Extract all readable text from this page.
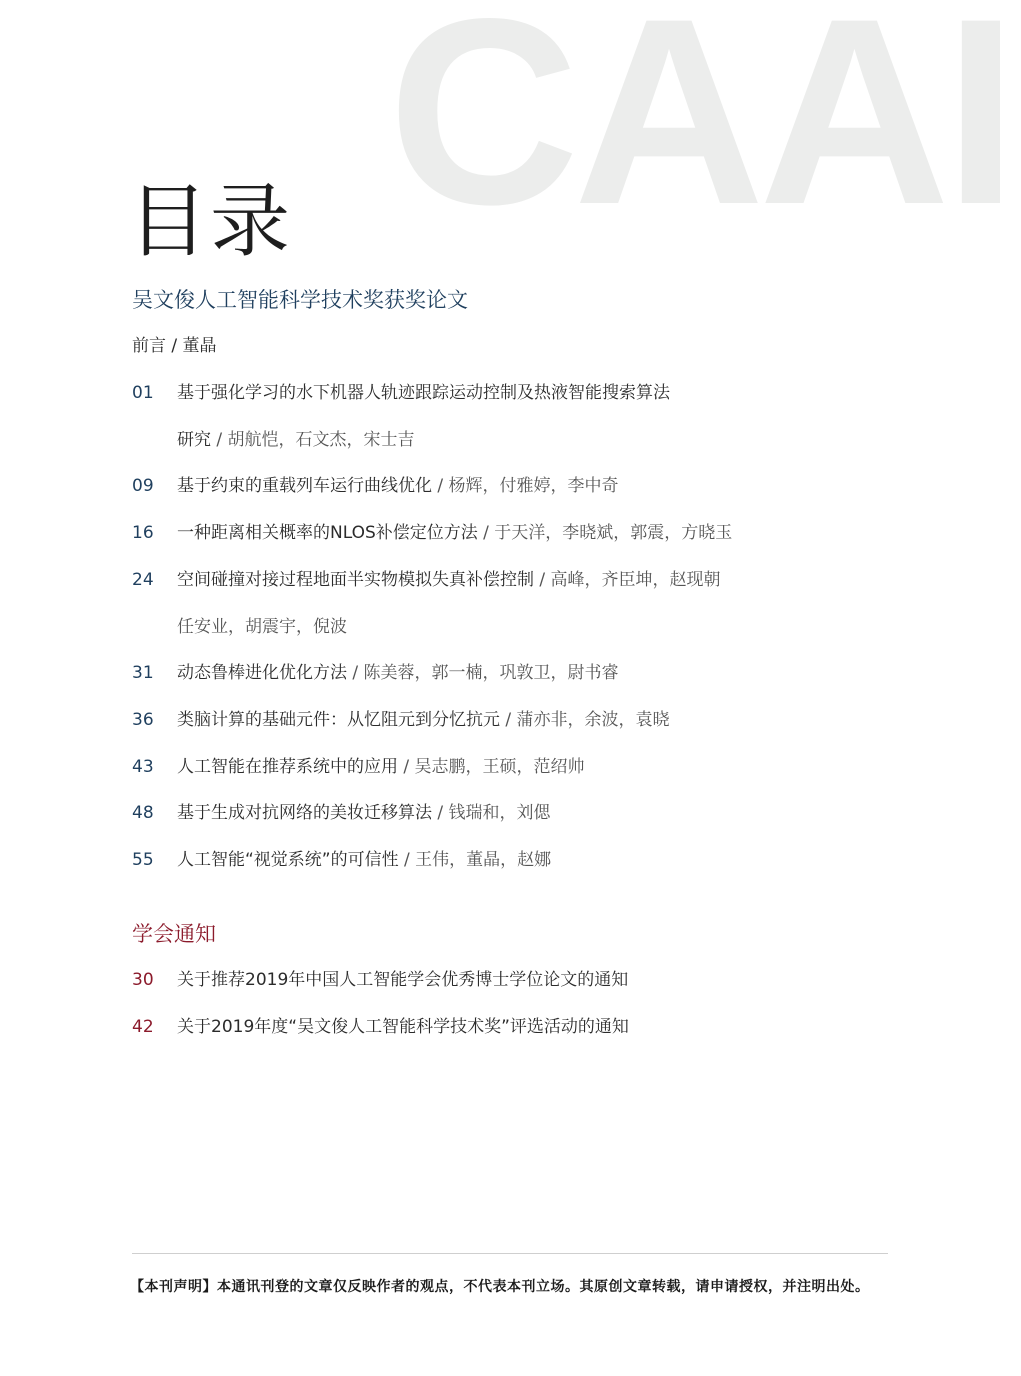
CAAI
目录
吴文俊人工智能科学技术奖获奖论文
前言 / 董晶
01 基于强化学习的水下机器人轨迹跟踪运动控制及热液智能搜索算法
研究 / 胡航恺，石文杰，宋士吉
09 基于约束的重载列车运行曲线优化 / 杨辉，付雅婷，李中奇
16 一种距离相关概率的NLOS补偿定位方法 / 于天洋，李晓斌，郭震，方晓玉
24 空间碰撞对接过程地面半实物模拟失真补偿控制 / 高峰，齐臣坤，赵现朝
任安业，胡震宇，倪波
31 动态鲁棒进化优化方法 / 陈美蓉，郭一楠，巩敦卫，尉书睿
36 类脑计算的基础元件：从忆阻元到分忆抗元 / 蒲亦非，余波，袁晓
43 人工智能在推荐系统中的应用 / 吴志鹏，王硕，范绍帅
48 基于生成对抗网络的美妆迁移算法 / 钱瑞和，刘偲
55 人工智能“视觉系统”的可信性 / 王伟，董晶，赵娜
学会通知
30 关于推荐2019年中国人工智能学会优秀博士学位论文的通知
42 关于2019年度“吴文俊人工智能科学技术奖”评选活动的通知
【本刊声明】本通讯刊登的文章仅反映作者的观点，不代表本刊立场。其原创文章转载，请申请授权，并注明出处。
